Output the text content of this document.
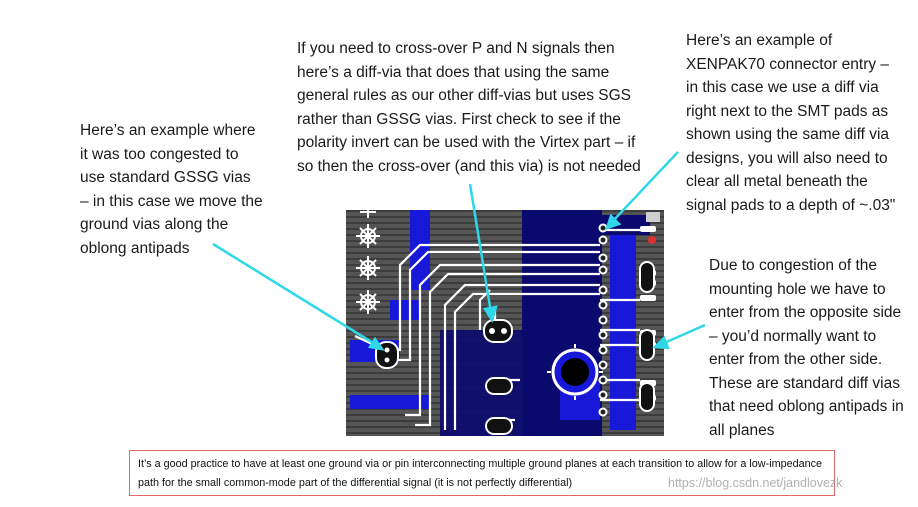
Here’s an example where
it was too congested to
use standard GSSG vias
– in this case we move the
ground vias along the
oblong antipads

If you need to cross-over P and N signals then
here’s a diff-via that does that using the same
general rules as our other diff-vias but uses SGS
rather than GSSG vias. First check to see if the
polarity invert can be used with the Virtex part – if
so then the cross-over (and this via) is not needed

Here’s an example of
XENPAK70 connector entry –
in this case we use a diff via
right next to the SMT pads as
shown using the same diff via
designs, you will also need to
clear all metal beneath the
signal pads to a depth of ~.03"

Due to congestion of the
mounting hole we have to
enter from the opposite side
– you’d normally want to
enter from the other side.
These are standard diff vias
that need oblong antipads in
all planes

It’s a good practice to have at least one ground via or pin interconnecting multiple ground planes at each transition to allow for a low-impedance path for the small common-mode part of the differential signal (it is not perfectly differential)	https://blog.csdn.net/jandlovezk
